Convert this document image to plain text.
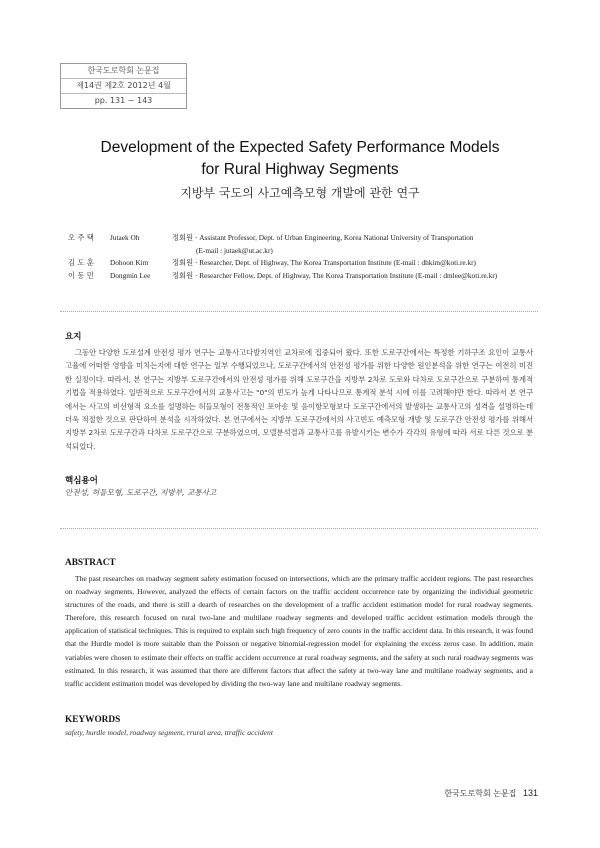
한국도로학회 논문집
제14권 제2호 2012년 4월
pp. 131 ~ 143
Development of the Expected Safety Performance Models
for Rural Highway Segments
지방부 국도의 사고예측모형 개발에 관한 연구
오 주 택	Jutaek Oh	정회원 · Assistant Professor, Dept. of Urban Engineering, Korea National University of Transportation
(E-mail : jutaek@ut.ac.kr)
김 도 훈	Dohoon Kim	정회원 · Researcher, Dept. of Highway, The Korea Transportation Institute (E-mail : dhkim@koti.re.kr)
이 동 민	Dongmin Lee	정회원 · Researcher Fellow, Dept. of Highway, The Korea Transportation Institute (E-mail : dmlee@koti.re.kr)
요지
그동안 다양한 도로설계 안전성 평가 연구는 교통사고다발지역인 교차로에 집중되어 왔다. 또한 도로구간에서는 특정한 기하구조 요인이 교통사고율에 어떠한 영향을 미치는지에 대한 연구는 일부 수행되었으나, 도로구간에서의 안전성 평가를 위한 다양한 원인분석을 위한 연구는 여전히 미진한 실정이다. 따라서, 본 연구는 지방부 도로구간에서의 안전성 평가를 위해 도로구간을 지방부 2차로 도로와 다차로 도로구간으로 구분하여 통계적 기법을 적용하였다. 일반적으로 도로구간에서의 교통사고는 "0"의 빈도가 높게 나타나므로 통계적 분석 시에 이를 고려해야만 한다. 따라서 본 연구에서는 사고의 비선형적 요소를 설명하는 허들모형이 전통적인 포아송 및 음이항모형보다 도로구간에서의 발생하는 교통사고의 성격을 설명하는데 더욱 적절한 것으로 판단하여 분석을 시작하였다. 본 연구에서는 지방부 도로구간에서의 사고빈도 예측모형 개발 및 도로구간 안전성 평가를 위해서 지방부 2차로 도로구간과 다차로 도로구간으로 구분하였으며, 모델분석결과 교통사고를 유발시키는 변수가 각각의 유형에 따라 서로 다른 것으로 분석되었다.
핵심용어
안전성, 허들모형, 도로구간, 지방부, 교통사고
ABSTRACT
The past researches on roadway segment safety estimation focused on intersections, which are the primary traffic accident regions. The past researches on roadway segments, However, analyzed the effects of certain factors on the traffic accident occurrence rate by organizing the individual geometric structures of the roads, and there is still a dearth of researches on the development of a traffic accident estimation model for rural roadway segments. Therefore, this research focused on rural two-lane and multilane roadway segments and developed traffic accident estimation models through the application of statistical techniques. This is required to explain such high frequency of zero counts in the traffic accident data. In this research, it was found that the Hurdle model is more suitable than the Poisson or negative binomial-regression model for explaining the excess zeros case. In addition, main variables were chosen to estimate their effects on traffic accident occurrence at rural roadway segments, and the safety at such rural roadway segments was estimated. In this research, it was assumed that there are different factors that affect the safety at two-way lane and multilane roadway segments, and a traffic accident estimation model was developed by dividing the two-way lane and multilane roadway segments.
KEYWORDS
safety, hurdle model, roadway segment, rrural area, ttraffic accident
한국도로학회 논문집 131
